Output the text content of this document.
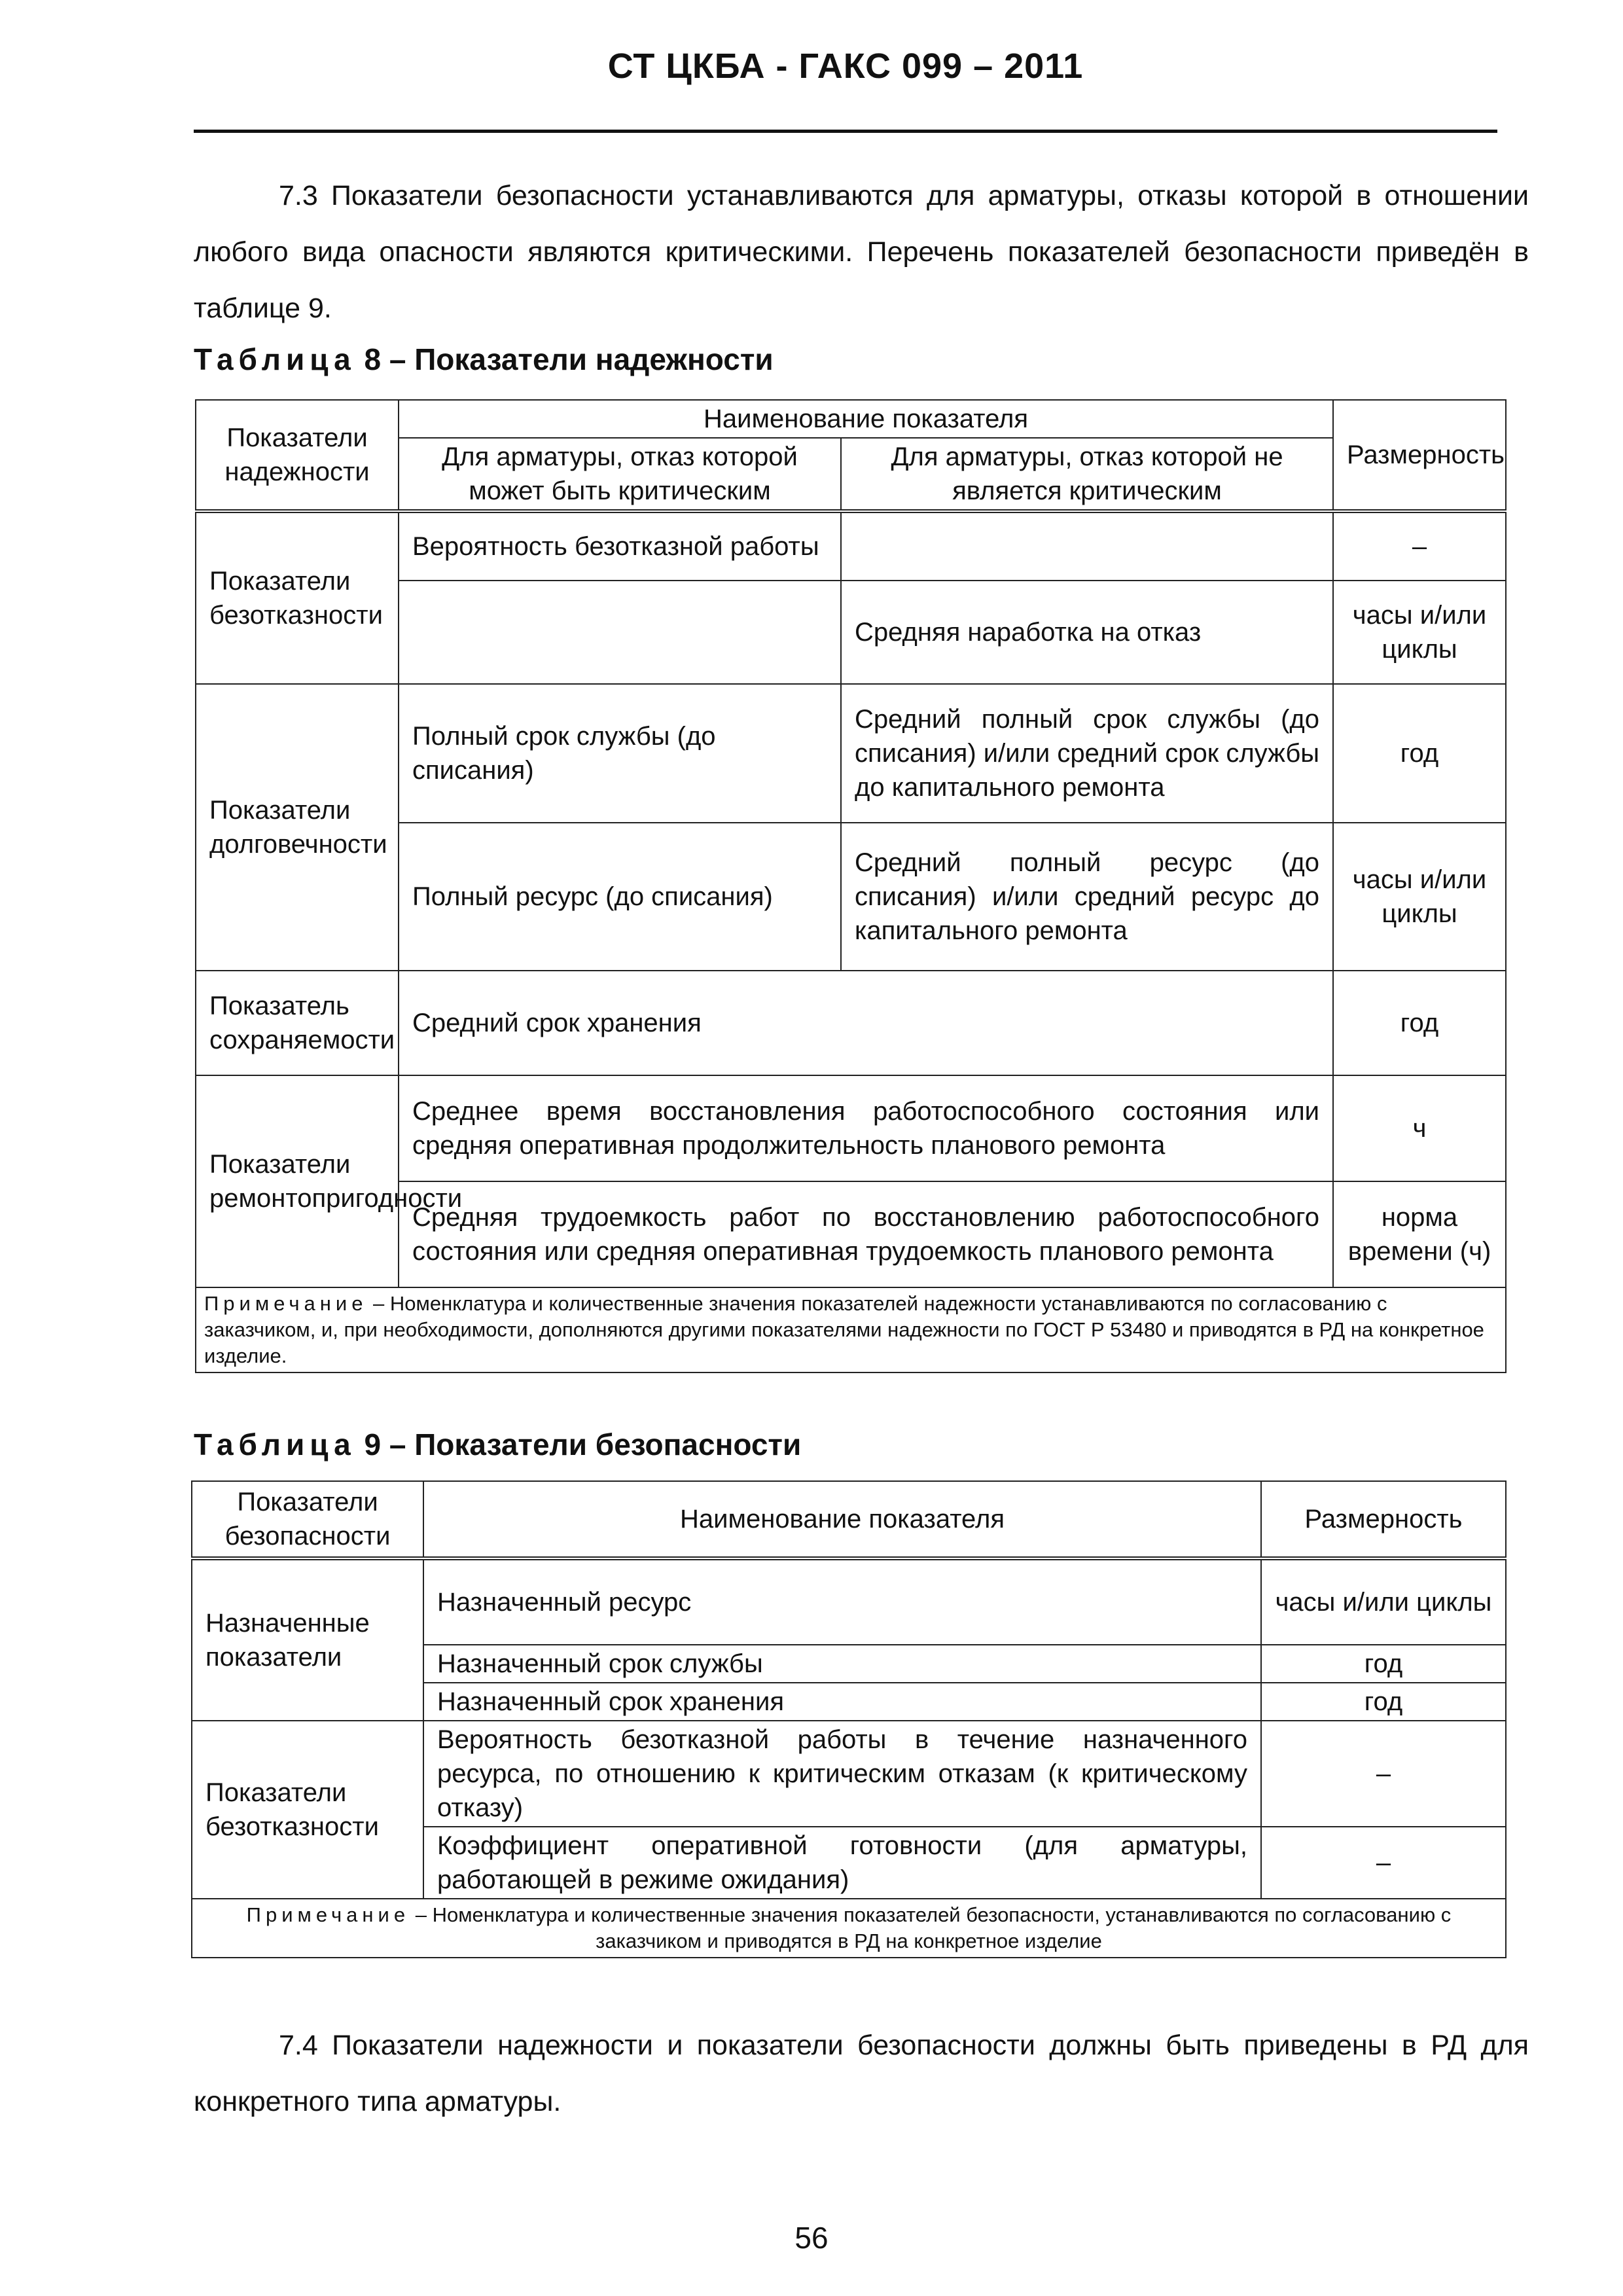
СТ ЦКБА - ГАКС 099 – 2011
7.3 Показатели безопасности устанавливаются для арматуры, отказы которой в отношении любого вида опасности являются критическими. Перечень показателей безопасности приведён в таблице 9.
Таблица 8 – Показатели надежности
Показатели надежности	Наименование показателя		Размерность
	Для арматуры, отказ которой может быть критическим	Для арматуры, отказ которой не является критическим	
Показатели безотказности	Вероятность безотказной работы		–
		Средняя наработка на отказ	часы и/или циклы
Показатели долговечности	Полный срок службы (до списания)	Средний полный срок службы (до списания) и/или средний срок службы до капитального ремонта	год
	Полный ресурс (до списания)	Средний полный ресурс (до списания) и/или средний ресурс до капитального ремонта	часы и/или циклы
Показатель сохраняемости	Средний срок хранения		год
Показатели ремонтопригодности	Среднее время восстановления работоспособного состояния или средняя оперативная продолжительность планового ремонта		ч
	Средняя трудоемкость работ по восстановлению работоспособного состояния или средняя оперативная трудоемкость планового ремонта		норма времени (ч)
Примечание – Номенклатура и количественные значения показателей надежности устанавливаются по согласованию с заказчиком, и, при необходимости, дополняются другими показателями надежности по ГОСТ Р 53480 и приводятся в РД на конкретное изделие.			
Таблица 9 – Показатели безопасности
Показатели безопасности	Наименование показателя	Размерность
Назначенные показатели	Назначенный ресурс	часы и/или циклы
	Назначенный срок службы	год
	Назначенный срок хранения	год
Показатели безотказности	Вероятность безотказной работы в течение назначенного ресурса, по отношению к критическим отказам (к критическому отказу)	–
	Коэффициент оперативной готовности (для арматуры, работающей в режиме ожидания)	–
Примечание – Номенклатура и количественные значения показателей безопасности, устанавливаются по согласованию с заказчиком и приводятся в РД на конкретное изделие		
7.4 Показатели надежности и показатели безопасности должны быть приведены в РД для конкретного типа арматуры.
56
